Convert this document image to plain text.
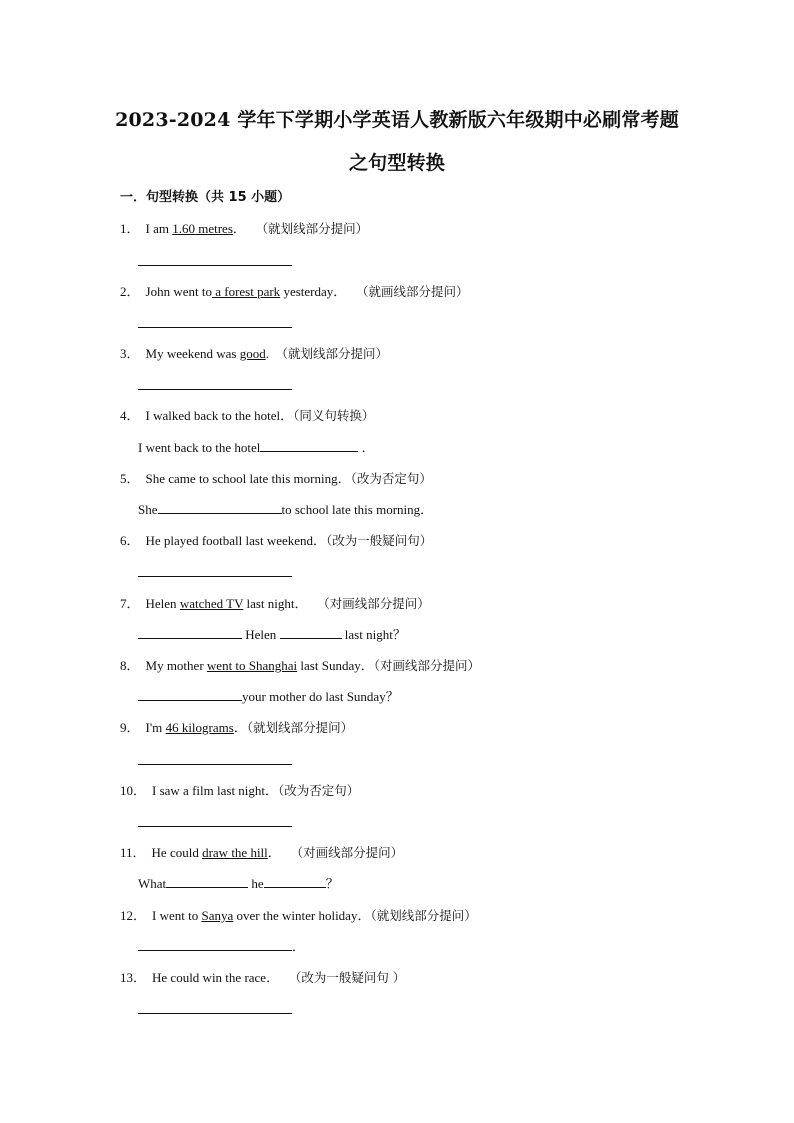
2023-2024 学年下学期小学英语人教新版六年级期中必刷常考题
之句型转换
一．句型转换（共 15 小题）
1． I am 1.60 metres． （就划线部分提问）
2． John went to a forest park yesterday． （就画线部分提问）
3． My weekend was good. （就划线部分提问）
4． I walked back to the hotel．（同义句转换）
I went back to the hotel	．
5． She came to school late this morning．（改为否定句）
She	to school late this morning．
6． He played football last weekend．（改为一般疑问句）
7． Helen watched TV last night． （对画线部分提问）
Helen	last night？
8． My mother went to Shanghai last Sunday．（对画线部分提问）
your mother do last Sunday？
9． I'm 46 kilograms．（就划线部分提问）
10． I saw a film last night．（改为否定句）
11． He could draw the hill． （对画线部分提问）
What	he	？
12． I went to Sanya over the winter holiday．（就划线部分提问）
．
13． He could win the race． （改为一般疑问句 ）
